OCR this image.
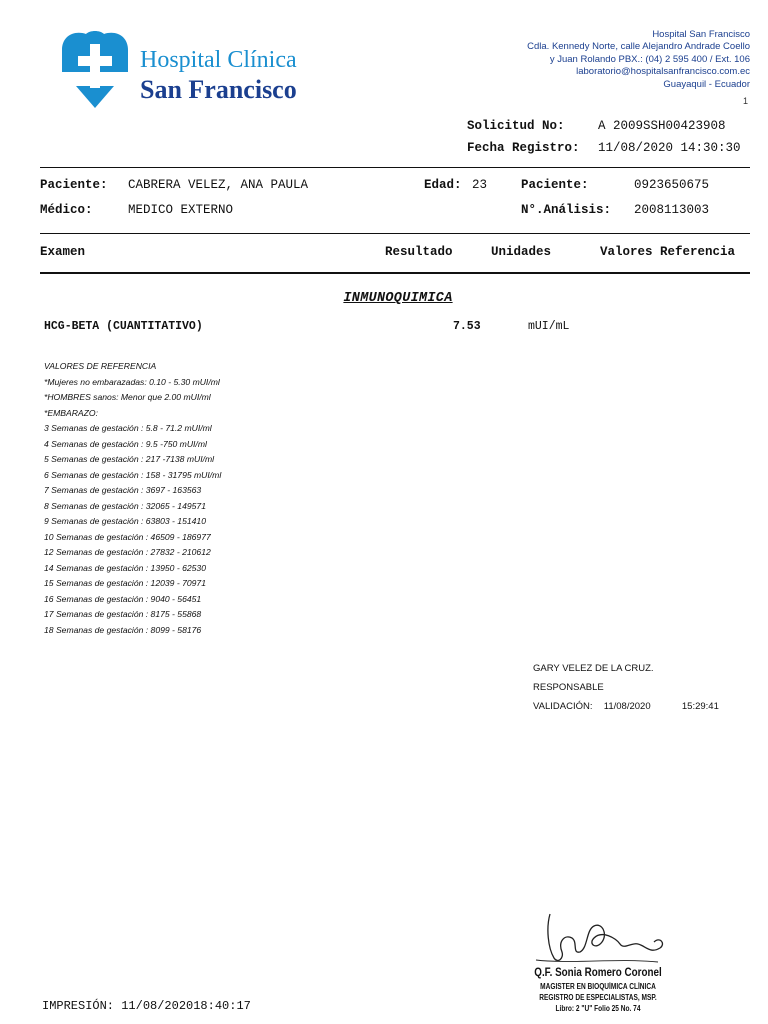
Hospital Clínica
San Francisco
Hospital San Francisco
Cdla. Kennedy Norte, calle Alejandro Andrade Coello
y Juan Rolando PBX.: (04) 2 595 400 / Ext. 106
laboratorio@hospitalsanfrancisco.com.ec
Guayaquil - Ecuador
1
Solicitud No:	A 2009SSH00423908
Fecha Registro: 11/08/2020 14:30:30
Paciente: CABRERA VELEZ, ANA PAULA	Edad: 23	Paciente:	0923650675
Médico:	MEDICO EXTERNO	N°.Análisis: 2008113003
Examen	Resultado	Unidades	Valores Referencia
INMUNOQUIMICA
HCG-BETA (CUANTITATIVO)	7.53	mUI/mL
VALORES DE REFERENCIA
*Mujeres no embarazadas: 0.10 - 5.30 mUI/ml
*HOMBRES sanos: Menor que 2.00 mUI/ml
*EMBARAZO:
3 Semanas de gestación : 5.8 - 71.2 mUI/ml
4 Semanas de gestación : 9.5 -750 mUI/ml
5 Semanas de gestación : 217 -7138 mUI/ml
6 Semanas de gestación : 158 - 31795 mUI/ml
7 Semanas de gestación : 3697 - 163563
8 Semanas de gestación : 32065 - 149571
9 Semanas de gestación : 63803 - 151410
10 Semanas de gestación : 46509 - 186977
12 Semanas de gestación : 27832 - 210612
14 Semanas de gestación : 13950 - 62530
15 Semanas de gestación : 12039 - 70971
16 Semanas de gestación : 9040 - 56451
17 Semanas de gestación : 8175 - 55868
18 Semanas de gestación : 8099 - 58176
GARY VELEZ DE LA CRUZ.
RESPONSABLE
VALIDACIÓN: 11/08/2020	15:29:41
Q.F. Sonia Romero Coronel
MAGISTER EN BIOQUÍMICA CLÍNICA
REGISTRO DE ESPECIALISTAS, MSP.
Libro: 2 "U" Folio 25 No. 74
IMPRESIÓN: 11/08/202018:40:17
